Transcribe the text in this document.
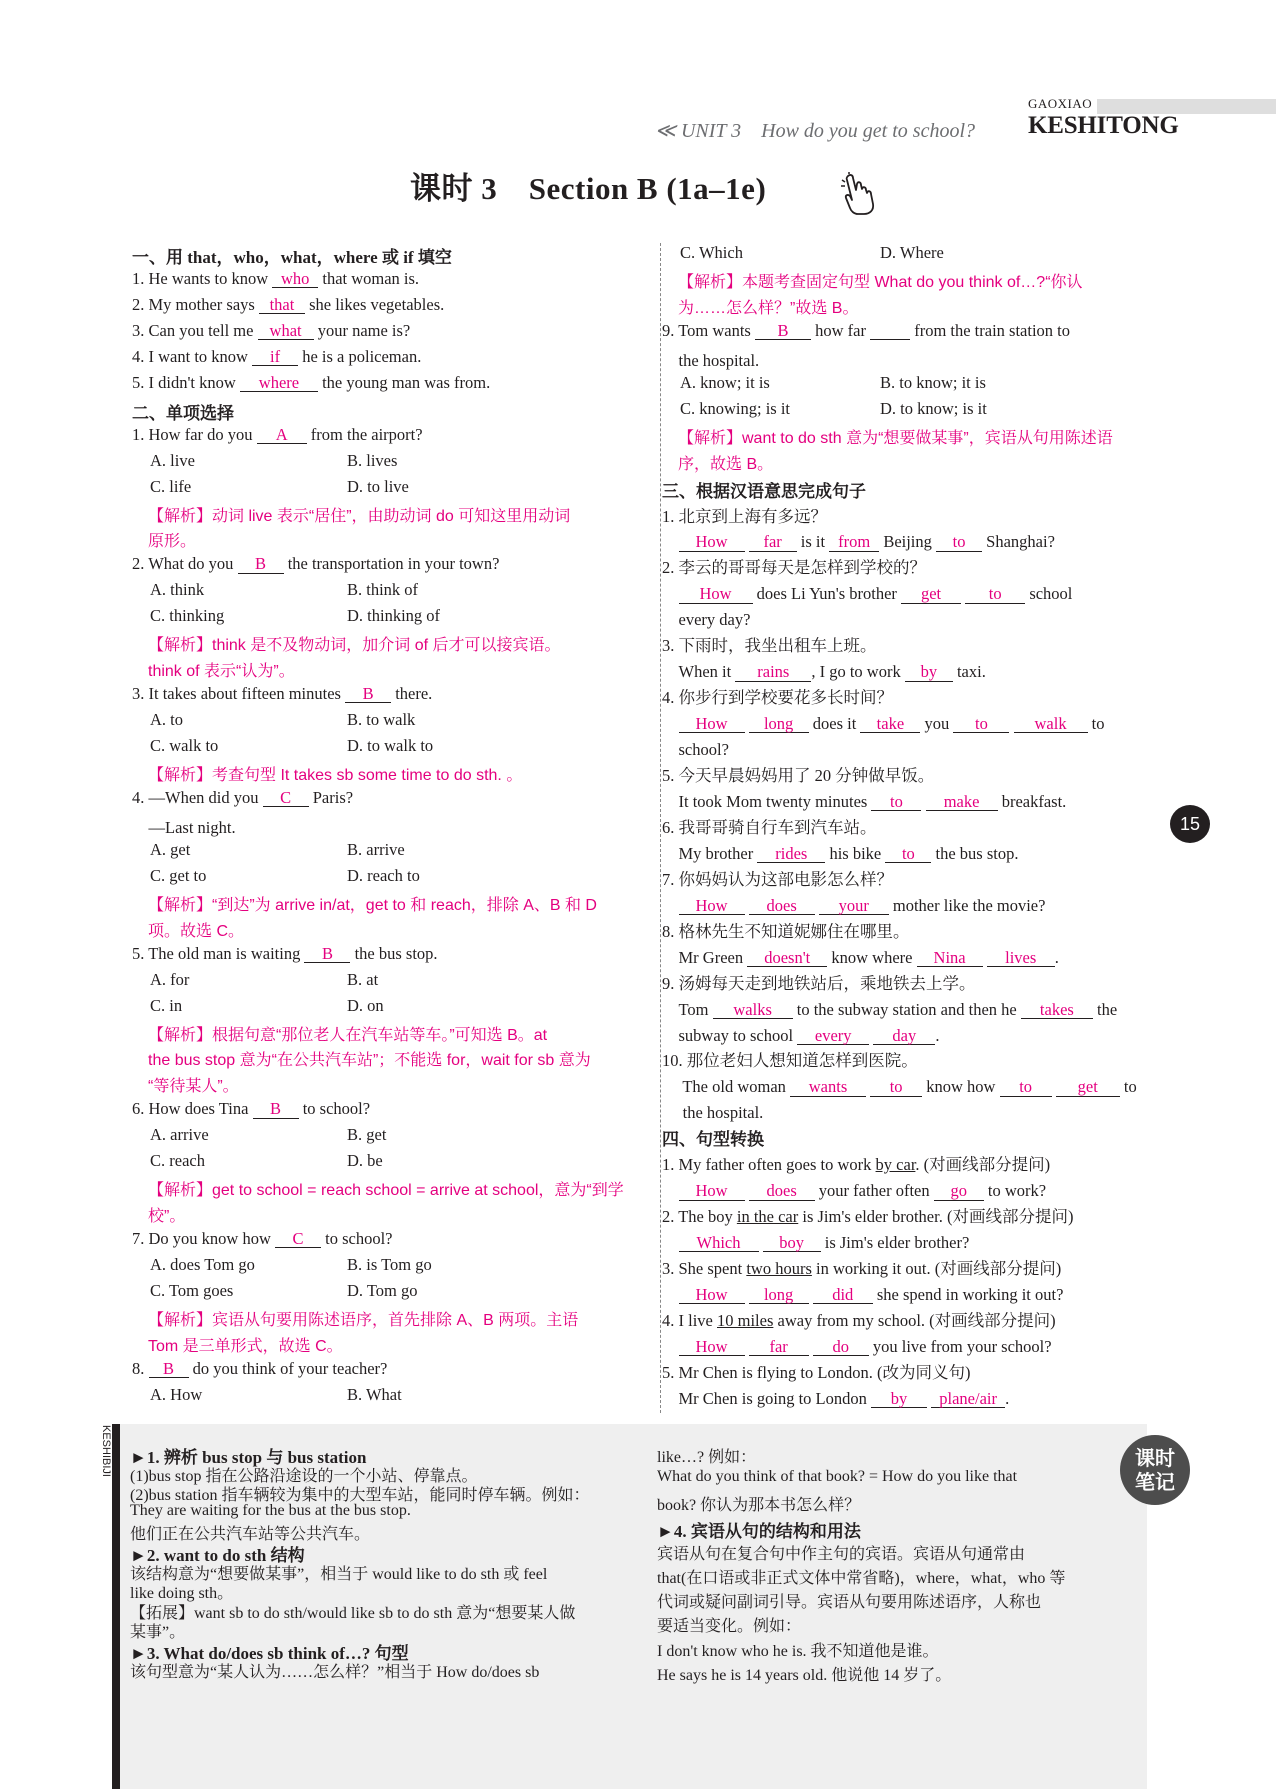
GAOXIAO
≪ UNIT 3　How do you get to school? KESHITONG
课时 3　Section B (1a–1e)
15
KESHIBIJI	课时笔记
一、用 that，who，what，where 或 if 填空
1. He wants to know who that woman is.
2. My mother says that she likes vegetables.
3. Can you tell me what your name is?
4. I want to know if he is a policeman.
5. I didn't know where the young man was from.
二、单项选择
1. How far do you A from the airport?
A. live	B. lives
C. life	D. to live
【解析】动词 live 表示“居住”，由助动词 do 可知这里用动词
原形。
2. What do you B the transportation in your town?
A. think	B. think of
C. thinking	D. thinking of
【解析】think 是不及物动词，加介词 of 后才可以接宾语。
think of 表示“认为”。
3. It takes about fifteen minutes B there.
A. to	B. to walk
C. walk to	D. to walk to
【解析】考查句型 It takes sb some time to do sth. 。
4. —When did you C Paris?
　—Last night.
A. get	B. arrive
C. get to	D. reach to
【解析】“到达”为 arrive in/at，get to 和 reach，排除 A、B 和 D
项。故选 C。
5. The old man is waiting B the bus stop.
A. for	B. at
C. in	D. on
【解析】根据句意“那位老人在汽车站等车。”可知选 B。at
the bus stop 意为“在公共汽车站”；不能选 for，wait for sb 意为
“等待某人”。
6. How does Tina B to school?
A. arrive	B. get
C. reach	D. be
【解析】get to school = reach school = arrive at school，意为“到学
校”。
7. Do you know how C to school?
A. does Tom go	B. is Tom go
C. Tom goes	D. Tom go
【解析】宾语从句要用陈述语序，首先排除 A、B 两项。主语
Tom 是三单形式，故选 C。
8. B do you think of your teacher?
A. How	B. What
C. Which	D. Where
【解析】本题考查固定句型 What do you think of…?“你认
为……怎么样？”故选 B。
9. Tom wants B how far   from the train station to
　the hospital.
A. know; it is	B. to know; it is
C. knowing; is it	D. to know; is it
【解析】want to do sth 意为“想要做某事”，宾语从句用陈述语
序，故选 B。
三、根据汉语意思完成句子
1. 北京到上海有多远？
　How far is it from Beijing to Shanghai?
2. 李云的哥哥每天是怎样到学校的？
　How does Li Yun's brother get	to school
　every day?
3. 下雨时，我坐出租车上班。
　When it rains , I go to work by taxi.
4. 你步行到学校要花多长时间？
　How long does it take you to	walk to
　school?
5. 今天早晨妈妈用了 20 分钟做早饭。
　It took Mom twenty minutes to make breakfast.
6. 我哥哥骑自行车到汽车站。
　My brother rides his bike to the bus stop.
7. 你妈妈认为这部电影怎么样？
　How does	your mother like the movie?
8. 格林先生不知道妮娜住在哪里。
　Mr Green doesn't know where Nina lives .
9. 汤姆每天走到地铁站后，乘地铁去上学。
　Tom walks to the subway station and then he takes the
　subway to school every day .
10. 那位老妇人想知道怎样到医院。
　 The old woman wants	to know how to	get to
　 the hospital.
四、句型转换
1. My father often goes to work by car. (对画线部分提问)
　How does your father often go to work?
2. The boy in the car is Jim's elder brother. (对画线部分提问)
　Which boy is Jim's elder brother?
3. She spent two hours in working it out. (对画线部分提问)
　How long did she spend in working it out?
4. I live 10 miles away from my school. (对画线部分提问)
　How	far	do you live from your school?
5. Mr Chen is flying to London. (改为同义句)
　Mr Chen is going to London by plane/air .
►1. 辨析 bus stop 与 bus station
(1)bus stop 指在公路沿途设的一个小站、停靠点。
(2)bus station 指车辆较为集中的大型车站，能同时停车辆。例如：
They are waiting for the bus at the bus stop.
他们正在公共汽车站等公共汽车。
►2. want to do sth 结构
该结构意为“想要做某事”，相当于 would like to do sth 或 feel
like doing sth。
【拓展】want sb to do sth/would like sb to do sth 意为“想要某人做
某事”。
►3. What do/does sb think of…? 句型
该句型意为“某人认为……怎么样？”相当于 How do/does sb
like…? 例如：
What do you think of that book? = How do you like that
book? 你认为那本书怎么样？
►4. 宾语从句的结构和用法
宾语从句在复合句中作主句的宾语。宾语从句通常由
that(在口语或非正式文体中常省略)，where，what，who 等
代词或疑问副词引导。宾语从句要用陈述语序，人称也
要适当变化。例如：
I don't know who he is. 我不知道他是谁。
He says he is 14 years old. 他说他 14 岁了。
